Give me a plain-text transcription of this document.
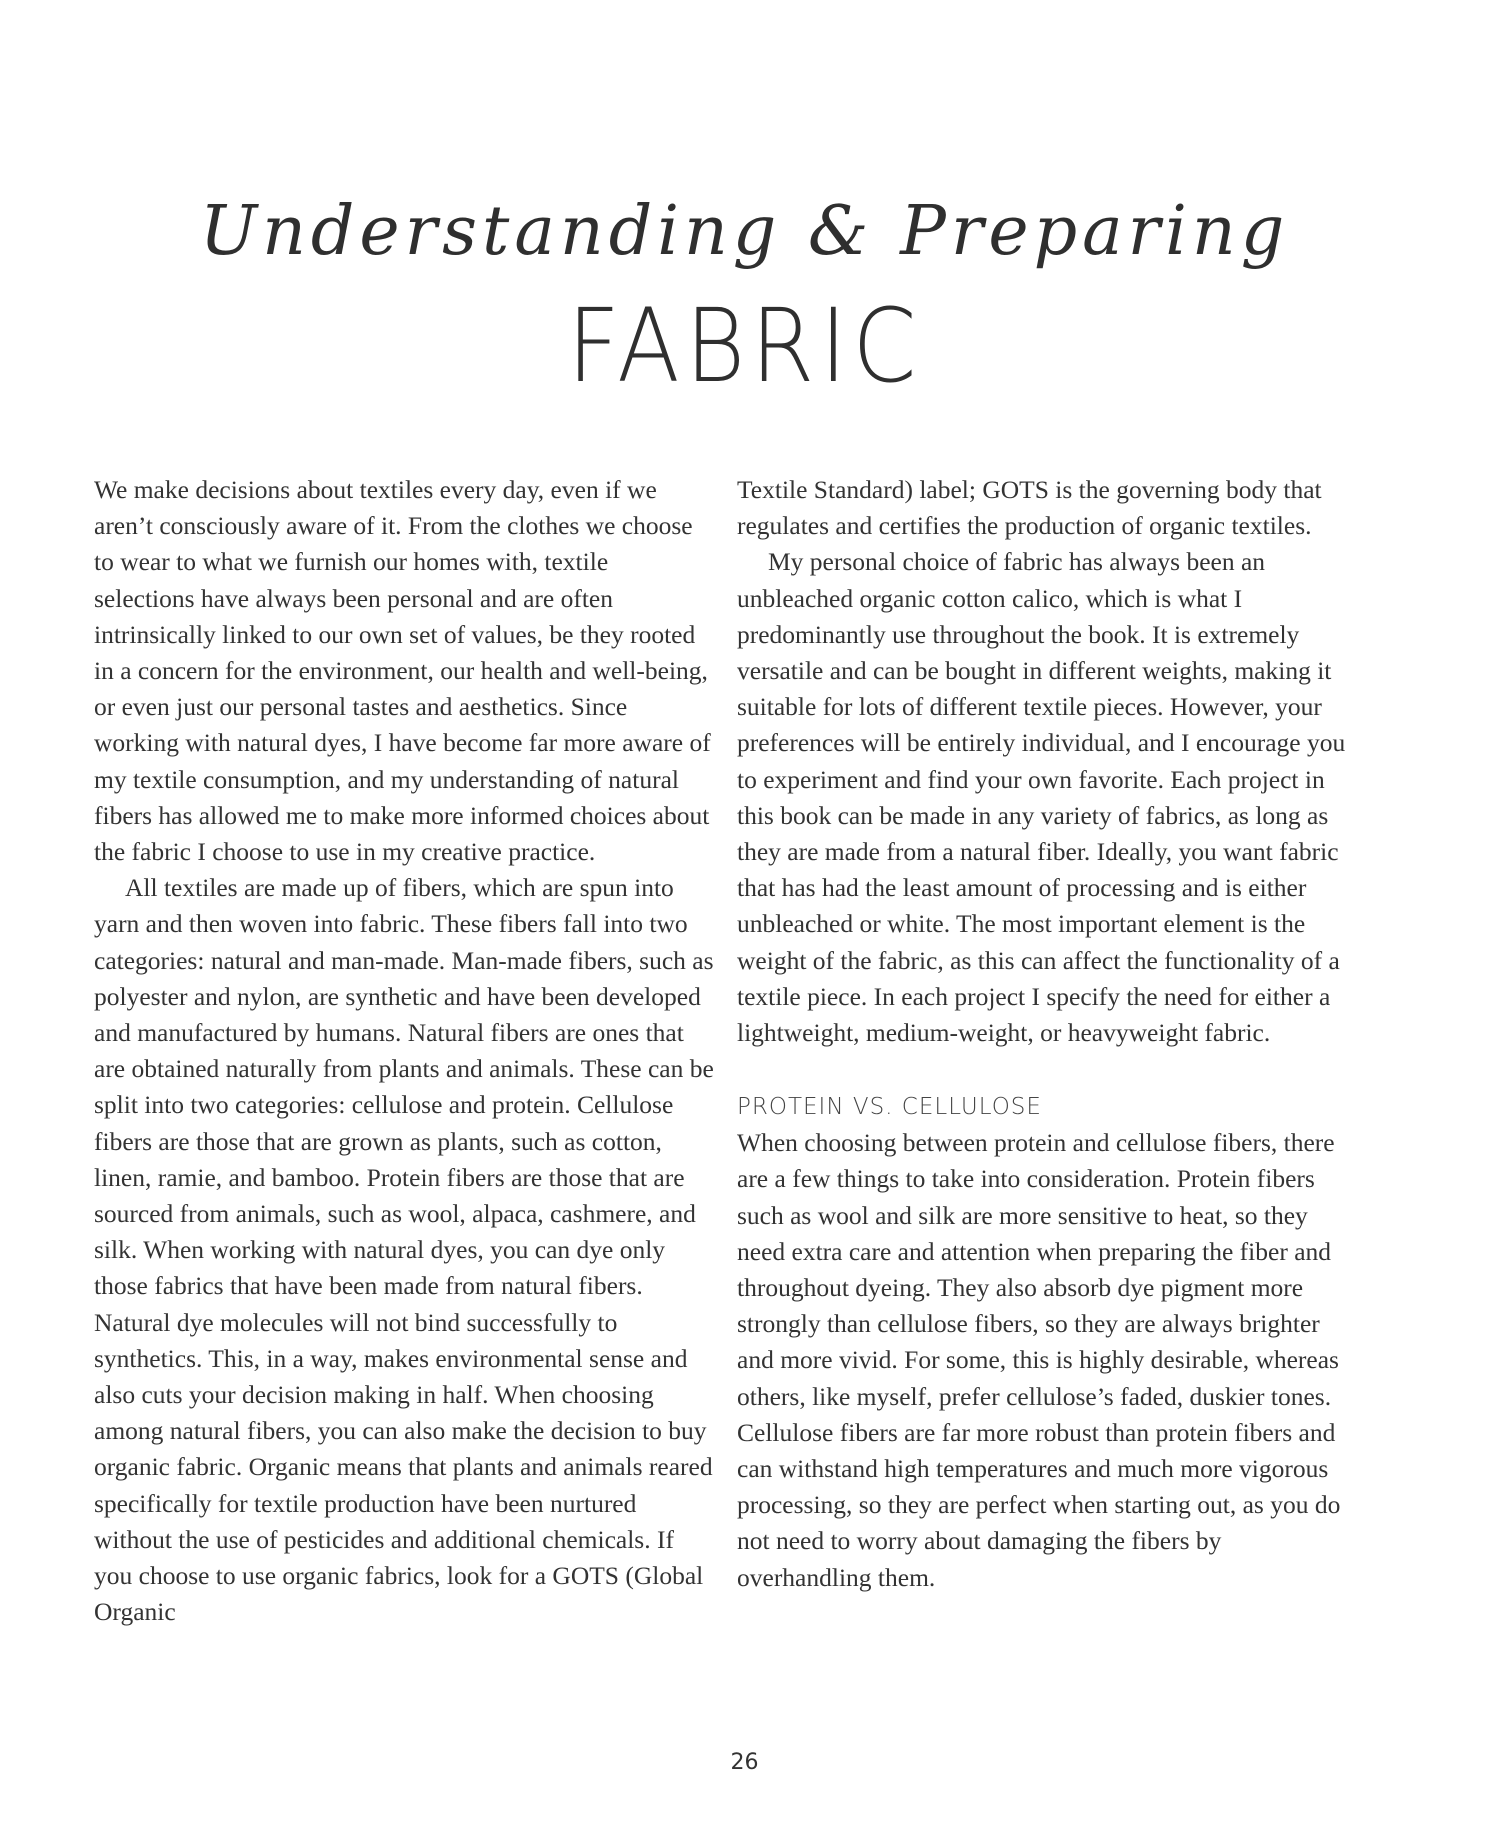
Understanding & Preparing
FABRIC

We make decisions about textiles every day, even if we aren’t consciously aware of it. From the clothes we choose to wear to what we furnish our homes with, textile selections have always been personal and are often intrinsically linked to our own set of values, be they rooted in a concern for the environment, our health and well-being, or even just our personal tastes and aesthetics. Since working with natural dyes, I have become far more aware of my textile consumption, and my understanding of natural fibers has allowed me to make more informed choices about the fabric I choose to use in my creative practice.

All textiles are made up of fibers, which are spun into yarn and then woven into fabric. These fibers fall into two categories: natural and man-made. Man-made fibers, such as polyester and nylon, are synthetic and have been developed and manufactured by humans. Natural fibers are ones that are obtained naturally from plants and animals. These can be split into two categories: cellulose and protein. Cellulose fibers are those that are grown as plants, such as cotton, linen, ramie, and bamboo. Protein fibers are those that are sourced from animals, such as wool, alpaca, cashmere, and silk. When working with natural dyes, you can dye only those fabrics that have been made from natural fibers. Natural dye molecules will not bind successfully to synthetics. This, in a way, makes environmental sense and also cuts your decision making in half. When choosing among natural fibers, you can also make the decision to buy organic fabric. Organic means that plants and animals reared specifically for textile production have been nurtured without the use of pesticides and additional chemicals. If you choose to use organic fabrics, look for a GOTS (Global Organic

Textile Standard) label; GOTS is the governing body that regulates and certifies the production of organic textiles.

My personal choice of fabric has always been an unbleached organic cotton calico, which is what I predominantly use throughout the book. It is extremely versatile and can be bought in different weights, making it suitable for lots of different textile pieces. However, your preferences will be entirely individual, and I encourage you to experiment and find your own favorite. Each project in this book can be made in any variety of fabrics, as long as they are made from a natural fiber. Ideally, you want fabric that has had the least amount of processing and is either unbleached or white. The most important element is the weight of the fabric, as this can affect the functionality of a textile piece. In each project I specify the need for either a lightweight, medium-weight, or heavyweight fabric.

PROTEIN VS. CELLULOSE

When choosing between protein and cellulose fibers, there are a few things to take into consideration. Protein fibers such as wool and silk are more sensitive to heat, so they need extra care and attention when preparing the fiber and throughout dyeing. They also absorb dye pigment more strongly than cellulose fibers, so they are always brighter and more vivid. For some, this is highly desirable, whereas others, like myself, prefer cellulose’s faded, duskier tones. Cellulose fibers are far more robust than protein fibers and can withstand high temperatures and much more vigorous processing, so they are perfect when starting out, as you do not need to worry about damaging the fibers by overhandling them.

26
